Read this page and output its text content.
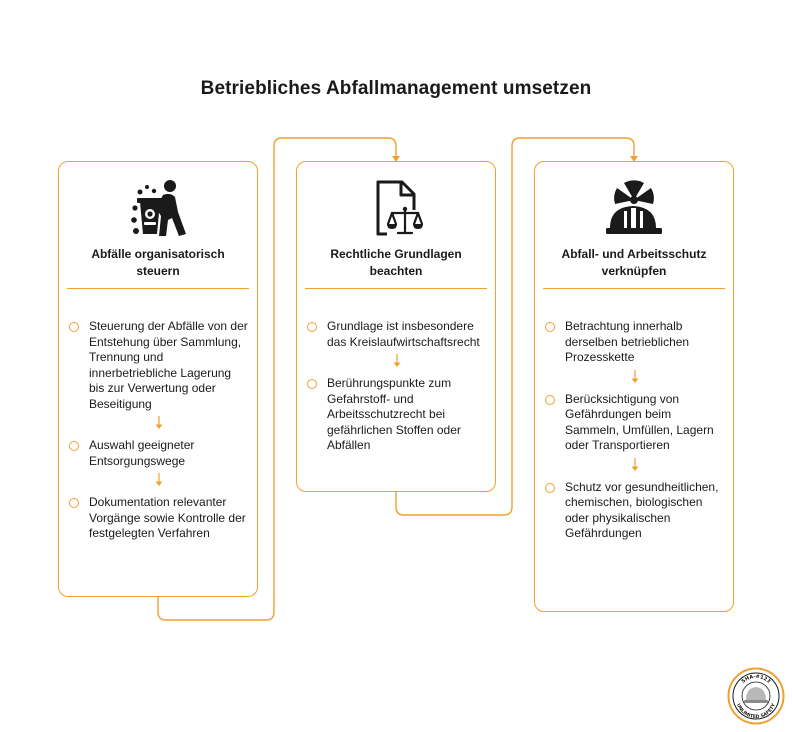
Betriebliches Abfallmanagement umsetzen
Abfälle organisatorisch steuern
Steuerung der Abfälle von der Entstehung über Sammlung, Trennung und innerbetriebliche Lagerung bis zur Verwertung oder Beseitigung
Auswahl geeigneter Entsorgungswege
Dokumentation relevanter Vorgänge sowie Kontrolle der festgelegten Verfahren
Rechtliche Grundlagen beachten
Grundlage ist insbesondere das Kreislaufwirtschaftsrecht
Berührungspunkte zum Gefahrstoff- und Arbeitsschutzrecht bei gefährlichen Stoffen oder Abfällen
Abfall- und Arbeitsschutz verknüpfen
Betrachtung innerhalb derselben betrieblichen Prozesskette
Berücksichtigung von Gefährdungen beim Sammeln, Umfüllen, Lagern oder Transportieren
Schutz vor gesundheitlichen, chemischen, biologischen oder physikalischen Gefährdungen
SHA-#123
UNLIMITED SAFETY
